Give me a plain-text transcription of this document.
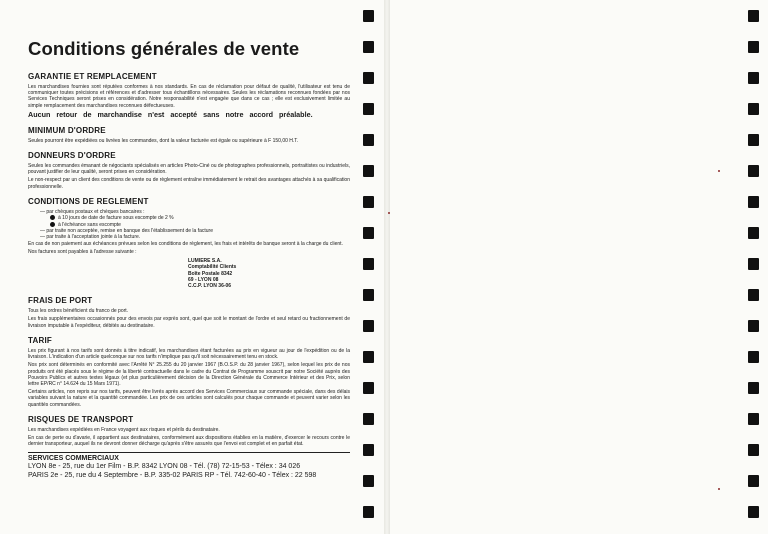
Conditions générales de vente
GARANTIE ET REMPLACEMENT

Les marchandises fournies sont réputées conformes à nos standards. En cas de réclamation pour défaut de qualité, l'utilisateur est tenu de communiquer toutes précisions et références et d'adresser tous échantillons nécessaires. Seules les réclamations reconnues fondées par nos Services Techniques seront prises en considération. Notre responsabilité n'est engagée que dans ce cas ; elle est exclusivement limitée au simple remplacement des marchandises reconnues défectueuses.

Aucun retour de marchandise n'est accepté sans notre accord préalable.

MINIMUM D'ORDRE

Seules pourront être expédiées ou livrées les commandes, dont la valeur facturée est égale ou supérieure à F 150,00 H.T.

DONNEURS D'ORDRE

Seules les commandes émanant de négociants spécialisés en articles Photo-Ciné ou de photographes professionnels, portraitistes ou industriels, pouvant justifier de leur qualité, seront prises en considération.

Le non-respect par un client des conditions de vente ou de règlement entraîne immédiatement le retrait des avantages attachés à sa qualification professionnelle.

CONDITIONS DE REGLEMENT
— par chèques postaux et chèques bancaires :
à 10 jours de date de facture sous escompte de 2 %
à l'échéance sans escompte
— par traite non acceptée, remise en banque des l'établissement de la facture
— par traite à l'acceptation jointe à la facture.

En cas de non paiement aux échéances prévues selon les conditions de règlement, les frais et intérêts de banque seront à la charge du client.

Nos factures sont payables à l'adresse suivante :

LUMIERE S.A.
Comptabilité Clients
Boîte Postale 8342
69 - LYON 08
C.C.P. LYON 36-06
FRAIS DE PORT

Tous les ordres bénéficient du franco de port.

Les frais supplémentaires occasionnés pour des envois par exprès sont, quel que soit le montant de l'ordre et seul retard ou fractionnement de livraison imputable à l'expéditeur, débités au destinataire.

TARIF

Les prix figurant à nos tarifs sont donnés à titre indicatif, les marchandises étant facturées au prix en vigueur au jour de l'expédition ou de la livraison. L'indication d'un article quelconque sur nos tarifs n'implique pas qu'il soit nécessairement tenu en stock.

Nos prix sont déterminés en conformité avec l'Arrêté N° 25.255 du 20 janvier 1967 (B.O.S.P. du 28 janvier 1967), selon lequel les prix de nos produits ont été placés sous le régime de la liberté contractuelle dans le cadre du Contrat de Programme souscrit par notre Société auprès des Pouvoirs Publics et autres textes légaux (et plus particulièrement décision de la Direction Générale du Commerce Intérieur et des Prix, selon lettre EP/RC n° 14.624 du 15 Mars 1971).

Certains articles, non repris sur nos tarifs, peuvent être livrés après accord des Services Commerciaux sur commande spéciale, dans des délais variables suivant la nature et la quantité commandée. Les prix de ces articles sont calculés pour chaque commande et peuvent varier selon les quantités commandées.

RISQUES DE TRANSPORT

Les marchandises expédiées en France voyagent aux risques et périls du destinataire.

En cas de perte ou d'avarie, il appartient aux destinataires, conformément aux dispositions établies en la matière, d'exercer le recours contre le dernier transporteur, auquel ils ne devront donner décharge qu'après s'être assurés que l'envoi est complet et en parfait état.

SERVICES COMMERCIAUX
LYON 8e - 25, rue du 1er Film - B.P. 8342 LYON 08 - Tél. (78) 72-15-53 - Télex : 34 026
PARIS 2e - 25, rue du 4 Septembre - B.P. 335-02 PARIS RP - Tél. 742-60-40 - Télex : 22 598
